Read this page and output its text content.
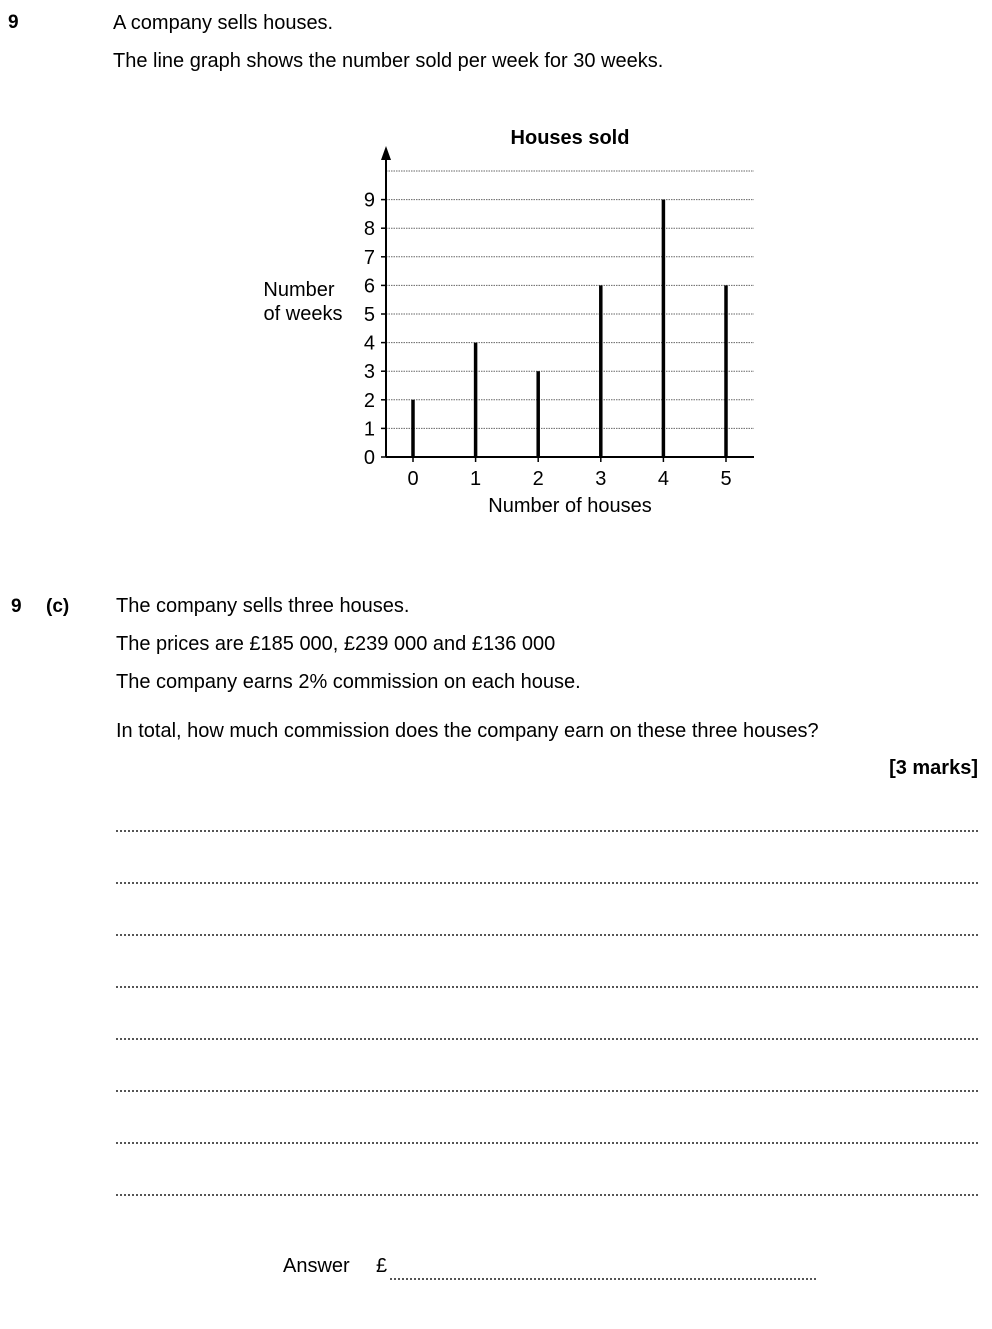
9	A company sells houses.
The line graph shows the number sold per week for 30 weeks.
Houses sold
Number
of weeks
Number of houses
0
1
2
3
4
5
6
7
8
9
0	1	2	3	4	5
9 (c) The company sells three houses.
The prices are £185 000, £239 000 and £136 000
The company earns 2% commission on each house.
In total, how much commission does the company earn on these three houses?
[3 marks]
Answer £
